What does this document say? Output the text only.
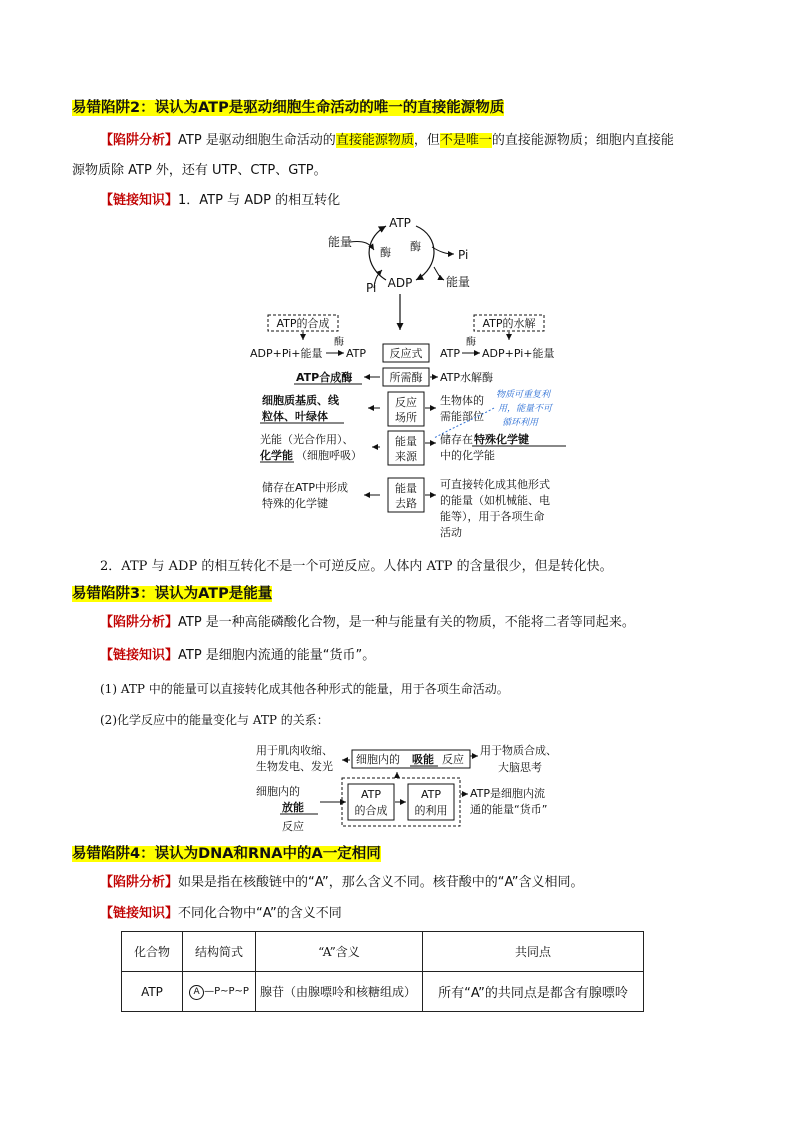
易错陷阱2：误认为ATP是驱动细胞生命活动的唯一的直接能源物质
【陷阱分析】ATP 是驱动细胞生命活动的直接能源物质，但不是唯一的直接能源物质；细胞内直接能
源物质除 ATP 外，还有 UTP、CTP、GTP。
【链接知识】1．ATP 与 ADP 的相互转化
ATP
ADP
能量
Pi
能量
Pi
酶 酶
ATP的合成	ATP的水解
ADP+Pi+能量
酶
ATP 反应式 ATP
酶
ADP+Pi+能量
ATP合成酶	所需酶 ATP水解酶
细胞质基质、线
粒体、叶绿体
反应
场所
生物体的
需能部位
物质可重复利
用，能量不可
循环利用
光能（光合作用）、
化学能 （细胞呼吸）
能量
来源
储存在 特殊化学键
中的化学能
储存在ATP中形成
特殊的化学键
能量
去路
可直接转化成其他形式
的能量（如机械能、电
能等），用于各项生命
活动
2．ATP 与 ADP 的相互转化不是一个可逆反应。人体内 ATP 的含量很少，但是转化快。
易错陷阱3：误认为ATP是能量
【陷阱分析】ATP 是一种高能磷酸化合物，是一种与能量有关的物质，不能将二者等同起来。
【链接知识】ATP 是细胞内流通的能量“货币”。
(1) ATP 中的能量可以直接转化成其他各种形式的能量，用于各项生命活动。
(2)化学反应中的能量变化与 ATP 的关系：
用于肌肉收缩、
生物发电、发光
细胞内的 吸能 反应
用于物质合成、
大脑思考
细胞内的
放能
反应
ATP
的合成
ATP
的利用
ATP是细胞内流
通的能量“货币”
易错陷阱4：误认为DNA和RNA中的A一定相同
【陷阱分析】如果是指在核酸链中的“A”，那么含义不同。核苷酸中的“A”含义相同。
【链接知识】不同化合物中“A”的含义不同
化合物	结构简式	“A”含义	共同点
ATP	A —P~P~P	腺苷（由腺嘌呤和核糖组成）	所有“A”的共同点是都含有腺嘌呤
